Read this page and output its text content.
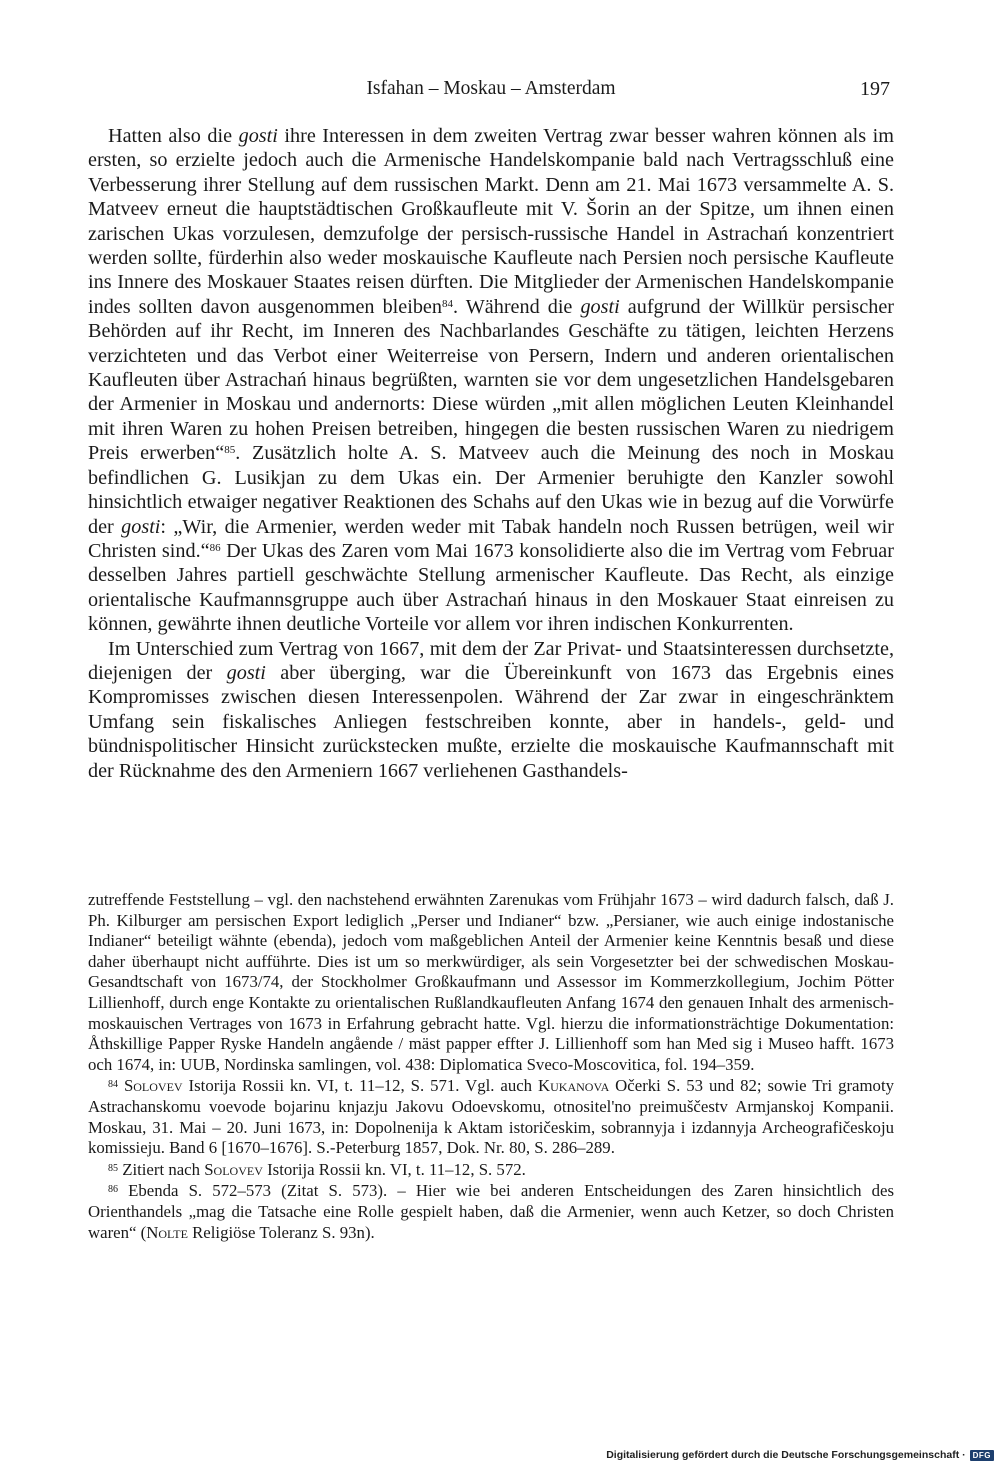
Isfahan – Moskau – Amsterdam	197

Hatten also die gosti ihre Interessen in dem zweiten Vertrag zwar besser wahren können als im ersten, so erzielte jedoch auch die Armenische Handelskompanie bald nach Vertragsschluß eine Verbesserung ihrer Stellung auf dem russischen Markt. Denn am 21. Mai 1673 versammelte A. S. Matveev erneut die hauptstädtischen Großkaufleute mit V. Šorin an der Spitze, um ihnen einen zarischen Ukas vorzulesen, demzufolge der persisch-russische Handel in Astrachań konzentriert werden sollte, fürderhin also weder moskauische Kaufleute nach Persien noch persische Kaufleute ins Innere des Moskauer Staates reisen dürften. Die Mitglieder der Armenischen Handelskompanie indes sollten davon ausgenommen bleiben$^{84}$. Während die gosti aufgrund der Willkür persischer Behörden auf ihr Recht, im Inneren des Nachbarlandes Geschäfte zu tätigen, leichten Herzens verzichteten und das Verbot einer Weiterreise von Persern, Indern und anderen orientalischen Kaufleuten über Astrachań hinaus begrüßten, warnten sie vor dem ungesetzlichen Handelsgebaren der Armenier in Moskau und andernorts: Diese würden „mit allen möglichen Leuten Kleinhandel mit ihren Waren zu hohen Preisen betreiben, hingegen die besten russischen Waren zu niedrigem Preis erwerben“$^{85}$. Zusätzlich holte A. S. Matveev auch die Meinung des noch in Moskau befindlichen G. Lusikjan zu dem Ukas ein. Der Armenier beruhigte den Kanzler sowohl hinsichtlich etwaiger negativer Reaktionen des Schahs auf den Ukas wie in bezug auf die Vorwürfe der gosti: „Wir, die Armenier, werden weder mit Tabak handeln noch Russen betrügen, weil wir Christen sind.“$^{86}$ Der Ukas des Zaren vom Mai 1673 konsolidierte also die im Vertrag vom Februar desselben Jahres partiell geschwächte Stellung armenischer Kaufleute. Das Recht, als einzige orientalische Kaufmannsgruppe auch über Astrachań hinaus in den Moskauer Staat einreisen zu können, gewährte ihnen deutliche Vorteile vor allem vor ihren indischen Konkurrenten.

Im Unterschied zum Vertrag von 1667, mit dem der Zar Privat- und Staatsinteressen durchsetzte, diejenigen der gosti aber überging, war die Übereinkunft von 1673 das Ergebnis eines Kompromisses zwischen diesen Interessenpolen. Während der Zar zwar in eingeschränktem Umfang sein fiskalisches Anliegen festschreiben konnte, aber in handels-, geld- und bündnispolitischer Hinsicht zurückstecken mußte, erzielte die moskauische Kaufmannschaft mit der Rücknahme des den Armeniern 1667 verliehenen Gasthandels-

zutreffende Feststellung – vgl. den nachstehend erwähnten Zarenukas vom Frühjahr 1673 – wird dadurch falsch, daß J. Ph. Kilburger am persischen Export lediglich „Perser und Indianer“ bzw. „Persianer, wie auch einige indostanische Indianer“ beteiligt wähnte (ebenda), jedoch vom maßgeblichen Anteil der Armenier keine Kenntnis besaß und diese daher überhaupt nicht aufführte. Dies ist um so merkwürdiger, als sein Vorgesetzter bei der schwedischen Moskau-Gesandtschaft von 1673/74, der Stockholmer Großkaufmann und Assessor im Kommerzkollegium, Jochim Pötter Lillienhoff, durch enge Kontakte zu orientalischen Rußlandkaufleuten Anfang 1674 den genauen Inhalt des armenisch-moskauischen Vertrages von 1673 in Erfahrung gebracht hatte. Vgl. hierzu die informationsträchtige Dokumentation: Åthskillige Papper Ryske Handeln angående / mäst papper effter J. Lillienhoff som han Med sig i Museo hafft. 1673 och 1674, in: UUB, Nordinska samlingen, vol. 438: Diplomatica Sveco-Moscovitica, fol. 194–359.

$^{84}$ Solovev Istorija Rossii kn. VI, t. 11–12, S. 571. Vgl. auch Kukanova Očerki S. 53 und 82; sowie Tri gramoty Astrachanskomu voevode bojarinu knjazju Jakovu Odoevskomu, otnositel'no preimuščestv Armjanskoj Kompanii. Moskau, 31. Mai – 20. Juni 1673, in: Dopolnenija k Aktam istoričeskim, sobrannyja i izdannyja Archeografičeskoju komissieju. Band 6 [1670–1676]. S.-Peterburg 1857, Dok. Nr. 80, S. 286–289.

$^{85}$ Zitiert nach Solovev Istorija Rossii kn. VI, t. 11–12, S. 572.

$^{86}$ Ebenda S. 572–573 (Zitat S. 573). – Hier wie bei anderen Entscheidungen des Zaren hinsichtlich des Orienthandels „mag die Tatsache eine Rolle gespielt haben, daß die Armenier, wenn auch Ketzer, so doch Christen waren“ (Nolte Religiöse Toleranz S. 93n).

Digitalisierung gefördert durch die Deutsche Forschungsgemeinschaft · DFG
